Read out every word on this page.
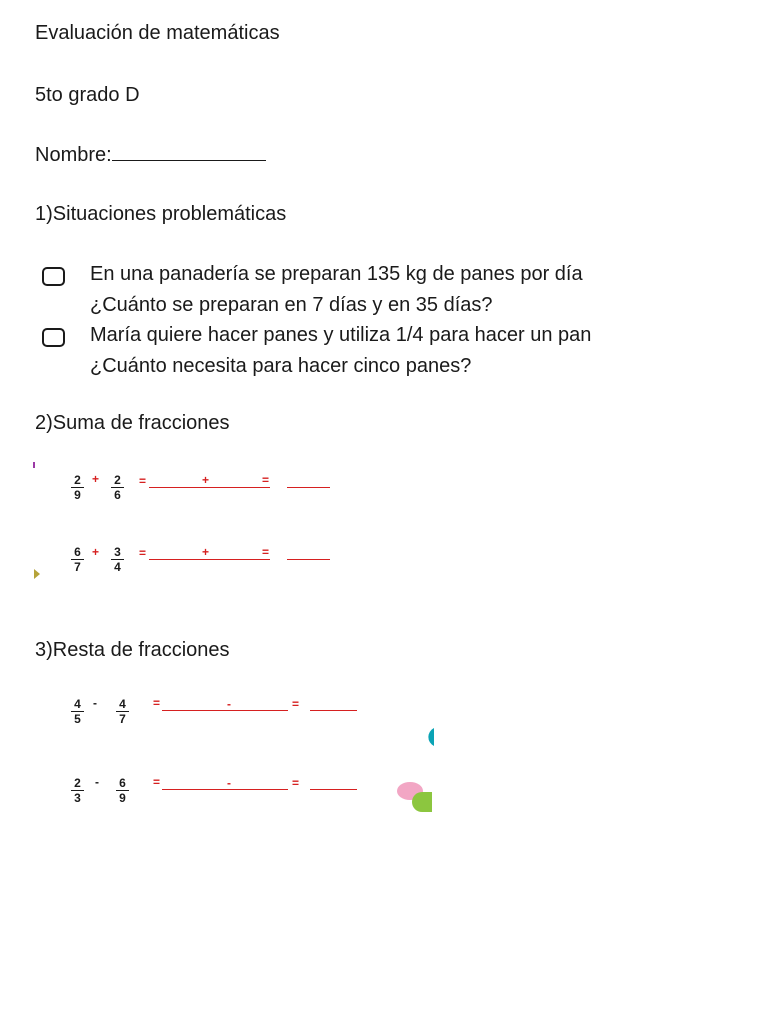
Evaluación de matemáticas
5to grado D
Nombre:
1)Situaciones problemáticas
En una panadería se preparan 135 kg de panes por día
¿Cuánto se preparan en 7 días y en 35 días?
María quiere hacer panes y utiliza 1/4 para hacer un pan
¿Cuánto necesita para hacer cinco panes?
2)Suma de fracciones
2
9
+ 2
6
=	+	=
6
7
+ 3
4
=	+	=
3)Resta de fracciones
4
5
- 4
7
=	-	=
2
3
- 6
9
=	-	=
